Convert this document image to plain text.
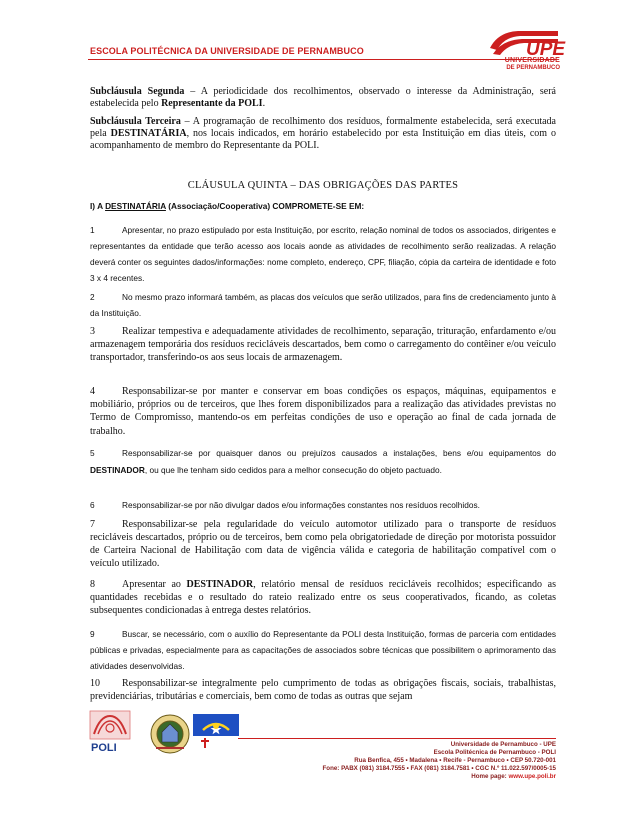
ESCOLA POLITÉCNICA DA UNIVERSIDADE DE PERNAMBUCO	UPE
UNIVERSIDADE
DE PERNAMBUCO

Subcláusula Segunda – A periodicidade dos recolhimentos, observado o interesse da Administração, será estabelecida pelo Representante da POLI.

Subcláusula Terceira – A programação de recolhimento dos resíduos, formalmente estabelecida, será executada pela DESTINATÁRIA, nos locais indicados, em horário estabelecido por esta Instituição em dias úteis, com o acompanhamento de membro do Representante da POLI.

CLÁUSULA QUINTA – DAS OBRIGAÇÕES DAS PARTES

I) A DESTINATÁRIA (Associação/Cooperativa) COMPROMETE-SE EM:

1	Apresentar, no prazo estipulado por esta Instituição, por escrito, relação nominal de todos os associados, dirigentes e representantes da entidade que terão acesso aos locais aonde as atividades de recolhimento serão realizadas. A relação deverá conter os seguintes dados/informações: nome completo, endereço, CPF, filiação, cópia da carteira de identidade e foto 3 x 4 recentes.

2	No mesmo prazo informará também, as placas dos veículos que serão utilizados, para fins de credenciamento junto à da Instituição.

3	Realizar tempestiva e adequadamente atividades de recolhimento, separação, trituração, enfardamento e/ou armazenagem temporária dos resíduos recicláveis descartados, bem como o carregamento do contêiner e/ou veículo transportador, transferindo-os aos seus locais de armazenagem.

4	Responsabilizar-se por manter e conservar em boas condições os espaços, máquinas, equipamentos e mobiliário, próprios ou de terceiros, que lhes forem disponibilizados para a realização das atividades previstas no Termo de Compromisso, mantendo-os em perfeitas condições de uso e operação ao final de cada jornada de trabalho.

5	Responsabilizar-se por quaisquer danos ou prejuízos causados a instalações, bens e/ou equipamentos do DESTINADOR, ou que lhe tenham sido cedidos para a melhor consecução do objeto pactuado.

6	Responsabilizar-se por não divulgar dados e/ou informações constantes nos resíduos recolhidos.

7	Responsabilizar-se pela regularidade do veículo automotor utilizado para o transporte de resíduos recicláveis descartados, próprio ou de terceiros, bem como pela obrigatoriedade de direção por motorista possuidor de Carteira Nacional de Habilitação com data de vigência válida e categoria de habilitação compatível com o veículo utilizado.

8	Apresentar ao DESTINADOR, relatório mensal de resíduos recicláveis recolhidos; especificando as quantidades recebidas e o resultado do rateio realizado entre os seus cooperativados, ficando, as coletas subsequentes condicionadas à entrega destes relatórios.

9	Buscar, se necessário, com o auxílio do Representante da POLI desta Instituição, formas de parceria com entidades públicas e privadas, especialmente para as capacitações de associados sobre técnicas que possibilitem o aprimoramento das atividades desenvolvidas.

10 Responsabilizar-se integralmente pelo cumprimento de todas as obrigações fiscais, sociais, trabalhistas, previdenciárias, tributárias e comerciais, bem como de todas as outras que sejam

POLI	Universidade de Pernambuco - UPE
Escola Politécnica de Pernambuco - POLI
Rua Benfica, 455 • Madalena • Recife - Pernambuco • CEP 50.720-001
Fone: PABX (081) 3184.7555 • FAX (081) 3184.7581 • CGC N.º 11.022.597/0005-15
Home page: www.upe.poli.br
